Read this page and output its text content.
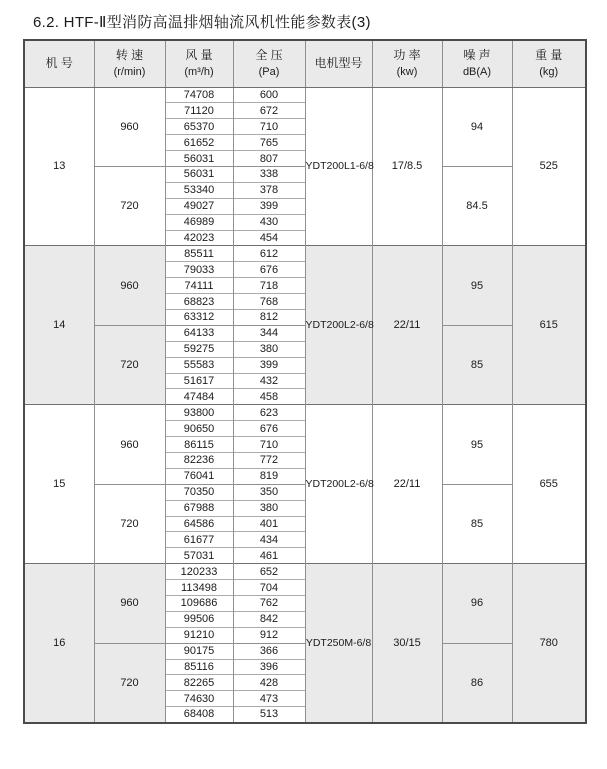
6.2. HTF-Ⅱ型消防高温排烟轴流风机性能参数表(3)
机 号

转 速
(r/min)

风 量
(m³/h)

全 压
(Pa)

电机型号

功 率
(kw)

噪 声
dB(A)

重 量
(kg)

13	960	74708	600	YDT200L1-6/8	17/8.5	94	525
		71120	672				
		65370	710				
		61652	765				
		56031	807				
	720	56031	338			84.5	
		53340	378				
		49027	399				
		46989	430				
		42023	454				
14	960	85511	612	YDT200L2-6/8	22/11	95	615
		79033	676				
		74111	718				
		68823	768				
		63312	812				
	720	64133	344			85	
		59275	380				
		55583	399				
		51617	432				
		47484	458				
15	960	93800	623	YDT200L2-6/8	22/11	95	655
		90650	676				
		86115	710				
		82236	772				
		76041	819				
	720	70350	350			85	
		67988	380				
		64586	401				
		61677	434				
		57031	461				
16	960	120233	652	YDT250M-6/8	30/15	96	780
		113498	704				
		109686	762				
		99506	842				
		91210	912				
	720	90175	366			86	
		85116	396				
		82265	428				
		74630	473				
		68408	513				
